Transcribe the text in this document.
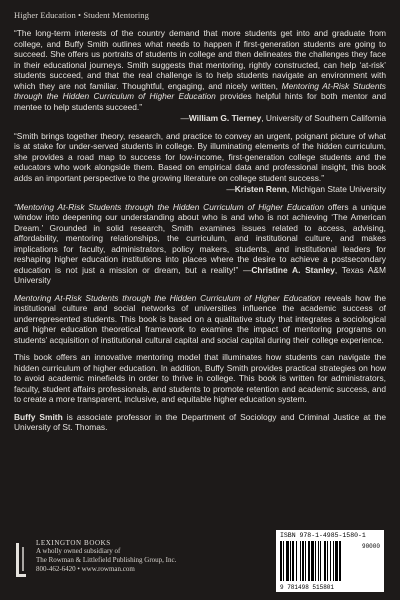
Higher Education • Student Mentoring
“The long-term interests of the country demand that more students get into and graduate from college, and Buffy Smith outlines what needs to happen if first-generation students are going to succeed. She offers us portraits of students in college and then delineates the challenges they face in their educational journeys. Smith suggests that mentoring, rightly constructed, can help ‘at-risk’ students succeed, and that the real challenge is to help students navigate an environment with which they are not familiar. Thoughtful, engaging, and nicely written, Mentoring At-Risk Students through the Hidden Curriculum of Higher Education provides helpful hints for both mentor and mentee to help students succeed.”
—William G. Tierney, University of Southern California
“Smith brings together theory, research, and practice to convey an urgent, poignant picture of what is at stake for under-served students in college. By illuminating elements of the hidden curriculum, she provides a road map to success for low-income, first-generation college students and the educators who work alongside them. Based on empirical data and professional insight, this book adds an important perspective to the growing literature on college student success.”
—Kristen Renn, Michigan State University
“Mentoring At-Risk Students through the Hidden Curriculum of Higher Education offers a unique window into deepening our understanding about who is and who is not achieving ‘The American Dream.’ Grounded in solid research, Smith examines issues related to access, advising, affordability, mentoring relationships, the curriculum, and institutional culture, and makes implications for faculty, administrators, policy makers, students, and institutional leaders for reshaping higher education institutions into places where the desire to achieve a postsecondary education is not just a mission or dream, but a reality!” —Christine A. Stanley, Texas A&M University
Mentoring At-Risk Students through the Hidden Curriculum of Higher Education reveals how the institutional culture and social networks of universities influence the academic success of underrepresented students. This book is based on a qualitative study that integrates a sociological and higher education theoretical framework to examine the impact of mentoring programs on students’ acquisition of institutional cultural capital and social capital during their college experience.
This book offers an innovative mentoring model that illuminates how students can navigate the hidden curriculum of higher education. In addition, Buffy Smith provides practical strategies on how to avoid academic minefields in order to thrive in college. This book is written for administrators, faculty, student affairs professionals, and students to promote retention and academic success, and to create a more transparent, inclusive, and equitable higher education system.
Buffy Smith is associate professor in the Department of Sociology and Criminal Justice at the University of St. Thomas.
LEXINGTON BOOKS
A wholly owned subsidiary of
The Rowman & Littlefield Publishing Group, Inc.
800-462-6420 • www.rowman.com
ISBN 978-1-4985-1580-1
90000
9 781498 515801
